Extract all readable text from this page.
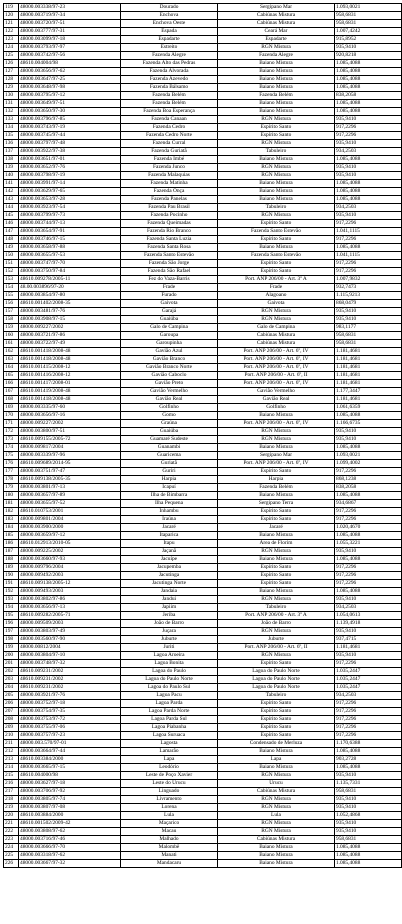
119	48000.003338/97-23	Dourado	Sergipano Mar	1.093,0021
120	48000.003719/97-34	Enchova	Cabiúnas Mistura	958,6831
121	48000.003720/97-51	Enchova Oeste	Cabiúnas Mistura	958,6831
122	48000.003777/97-31	Espada	Ceará Mar	1.007,4242
123	48000.003099/97-18	Espadarte	Espadarte	915,8952
124	48000.003793/97-97	Estreito	RGN Mistura	935,9410
125	48000.003742/97-56	Fazenda Alegre	Fazenda Alegre	920,8218
126	48610.004004/98	Fazenda Alto das Pedras	Baiano Mistura	1.085,4088
127	48000.003656/97-62	Fazenda Alvorada	Baiano Mistura	1.085,4088
128	48000.003647/97-25	Fazenda Azevedo	Baiano Mistura	1.085,4088
129	48000.003648/97-98	Fazenda Bálsamo	Baiano Mistura	1.085,4088
130	48000.003795/97-12	Fazenda Belém	Fazenda Belém	838,2058
131	48000.003649/97-51	Fazenda Belém	Baiano Mistura	1.085,4088
132	48000.003650/97-30	Fazenda Boa Esperança	Baiano Mistura	1.085,4088
133	48000.003796/97-85	Fazenda Canaan	RGN Mistura	935,9410
134	48000.003743/97-19	Fazenda Cedro	Espírito Santo	917,2296
135	48000.003745/97-44	Fazenda Cedro Norte	Espírito Santo	917,2296
136	48000.003797/97-48	Fazenda Curral	RGN Mistura	935,9410
137	48000.003922/97-38	Fazenda Guriatã	Tabuleiro	934,2503
138	48000.003651/97-01	Fazenda Imbé	Baiano Mistura	1.085,4088
139	48000.003652/97-76	Fazenda Junco	RGN Mistura	935,9410
140	48000.003798/97-19	Fazenda Malaquias	RGN Mistura	935,9410
141	48000.003991/97-14	Fazenda Matinha	Baiano Mistura	1.085,4088
142	48000.003629/97-65	Fazenda Onça	Baiano Mistura	1.085,4088
143	48000.003653/97-28	Fazenda Panelas	Baiano Mistura	1.085,4088
144	48000.003923/97-54	Fazenda Pau Brasil	Tabuleiro	934,2503
145	48000.003799/97-73	Fazenda Pocinho	RGN Mistura	935,9410
146	48000.003744/97-13	Fazenda Queimadas	Espírito Santo	917,2296
147	48000.003654/97-91	Fazenda Rio Branco	Fazenda Santo Estevão	1.041,1115
148	48000.003746/97-15	Fazenda Santa Luzia	Espírito Santo	917,2296
149	48000.003658/97-88	Fazenda Santa Rosa	Baiano Mistura	1.085,4088
150	48000.003655/97-53	Fazenda Santo Estevão	Fazenda Santo Estevão	1.041,1115
151	48000.003747/97-70	Fazenda São Jorge	Espírito Santo	917,2296
152	48000.003750/97-84	Fazenda São Rafael	Espírito Santo	917,2296
153	48610.009278/2005-11	Fez do Vaza-Barris	Port. ANP 206/00 - Art. 3º A	1.007,9832
154	48.00.003896/97-20	Frade	Frade	932,7473
155	48000.003854/97-80	Furado	Alagoano	1.115,9213
156	48610.001402/2008-35	Gaivota	Gaivota	868,0479
157	48000.003481/97-76	Garajá	RGN Mistura	935,9410
158	48000.003908/97-15	Guaiúba	RGN Mistura	935,9410
159	48000.009227/2002	Galo de Campina	Galo de Campina	983,1177
160	48000.003721/97-86	Garoupa	Cabiúnas Mistura	958,6831
161	48000.003722/97-49	Garoupinha	Cabiúnas Mistura	958,6831
162	48610.001418/2008-48	Gavião Azul	Port. ANP 206/00 - Art. 6º, IV	1.181,4681
163	48610.001418/2008-48	Gavião Branco	Port. ANP 206/00 - Art. 6º, IV	1.181,4681
164	48610.001415/2008-12	Gavião Branco Norte	Port. ANP 206/00 - Art. 6º, IV	1.181,4681
165	48610.001416/2008-12	Gavião Caboclo	Port. ANP 206/00 - Art. 6º, II	1.181,4681
166	48610.001417/2008-01	Gavião Preto	Port. ANP 206/00 - Art. 6º, IV	1.181,4681
167	48610.001419/2008-48	Gavião Vermelho	Gavião Vermelho	1.177,3447
168	48610.001418/2008-48	Gavião Real	Gavião Real	1.181,4681
169	48000.003335/97-60	Golfinho	Golfinho	1.061,6359
170	48000.003656/97-16	Gomo	Baiano Mistura	1.085,4088
171	48000.009227/2002	Graúna	Port. ANP 206/00 - Art. 6º, IV	1.166,6735
172	48000.003800/97-51	Guaiúba	RGN Mistura	935,9410
173	48610.009155/2005-72	Guamaré Sudeste	RGN Mistura	935,9410
174	48000.009817/2004	Guanambi	Baiano Mistura	1.085,4088
175	48000.003339/97-96	Guaricema	Sergipano Mar	1.093,0021
176	48610.009689/2014-95	Guriatã	Port. ANP 206/00 - Art. 6º, IV	1.099,4002
177	48000.003751/97-47	Guriri	Espírito Santo	917,2296
178	48610.009138/2005-35	Harpia	Harpia	868,1238
179	48000.003801/97-13	Icapuí	Fazenda Belém	838,2058
180	48000.003657/97-89	Ilha de Bimbarra	Baiano Mistura	1.085,4088
181	48000.003655/97-52	Ilha Pequena	Sergipano Terra	934,6867
182	48610.010753/2001	Inhambu	Espírito Santo	917,2296
183	48000.009801/2004	Iraúna	Espírito Santo	917,2296
184	48000.003900/2000	Jacaré	Jacaré	1.020,4670
185	48000.003659/97-12	Itaparica	Baiano Mistura	1.085,4088
186	48610.012913/2010-05	Itapu	Área de Florim	1.055,3221
187	48000.009225/2002	Jaçanã	RGN Mistura	935,9410
188	48000.003660/97-93	Jacuípe	Baiano Mistura	1.085,4088
189	48000.009796/2004	Jacupemba	Espírito Santo	917,2296
190	48000.009492/2003	Jacutinga	Espírito Santo	917,2296
191	48610.009138/2005-12	Jacutinga Norte	Espírito Santo	917,2296
192	48000.009493/2003	Jandaia	Baiano Mistura	1.085,4088
193	48000.003802/97-86	Jandui	RGN Mistura	935,9410
194	48000.003656/97-13	Japiim	Tabuleiro	934,2503
195	48610.009282/2005-71	Jeriba	Port. ANP 206/00 - Art. 3º A	1.054,0613
196	48000.009509/2003	João de Barro	João de Barro	1.139,4918
197	48000.003803/97-49	Juçara	RGN Mistura	935,9410
198	48000.003560/97-90	Juburte	Juburte	937,4715
199	48000.00812/2004	Juriti	Port. ANP 206/00 - Art. 6º, II	1.181,4681
200	48000.003804/97-10	Lagoa Aroeira	RGN Mistura	935,9410
201	48000.003748/97-32	Lagoa Bonita	Espírito Santo	917,2296
202	48610.009231/2002	Lagoa do Paulo	Lagoa do Paulo Norte	1.035,2447
203	48610.009231/2002	Lagoa do Paulo Norte	Lagoa do Paulo Norte	1.035,2447
204	48610.009231/2002	Lagoa do Paulo Sul	Lagoa do Paulo Norte	1.035,2447
205	48000.003921/97-76	Lagoa Pacu	Tabuleiro	934,2503
206	48000.003752/97-18	Lagoa Parda	Espírito Santo	917,2296
207	48000.003754/97-35	Lagoa Parda Norte	Espírito Santo	917,2296
208	48000.003753/97-72	Lagoa Parda Sul	Espírito Santo	917,2296
209	48000.003755/97-06	Lagoa Piabanha	Espírito Santo	917,2296
210	48000.003757/97-23	Lagoa Suruaca	Espírito Santo	917,2296
211	48000.003.570/97-01	Lagosta	Condensado de Merluza	1.170,6388
212	48000.003664/97-44	Lamarão	Baiano Mistura	1.085,4088
213	48610.003384/2000	Lapa	Lapa	903,2728
214	48000.003665/97-15	Leodório	Baiano Mistura	1.085,4088
215	48610.004000/98	Leste de Poço Xavier	RGN Mistura	935,9410
216	48000.003627/97-18	Leste do Urucu	Urucu	1.135,7331
217	48000.003706/97-92	Linguado	Cabiúnas Mistura	958,6831
218	48000.003805/97-74	Livramento	RGN Mistura	935,9410
219	48000.003807/97-08	Lorena	RGN Mistura	935,9410
220	48610.003884/2000	Lula	Lula	1.052,4868
221	48610.001502/2009-42	Maçarico	RGN Mistura	935,9410
222	48000.003808/97-62	Macau	RGN Mistura	935,9410
223	48000.003716/97-46	Malhado	Cabiúnas Mistura	958,6831
224	48000.003666/97-70	Malombê	Baiano Mistura	1.085,4088
225	48000.003318/97-62	Manati	Baiano Mistura	1.085,4088
226	48000.003667/97-32	Mandacaru	Baiano Mistura	1.085,4088
